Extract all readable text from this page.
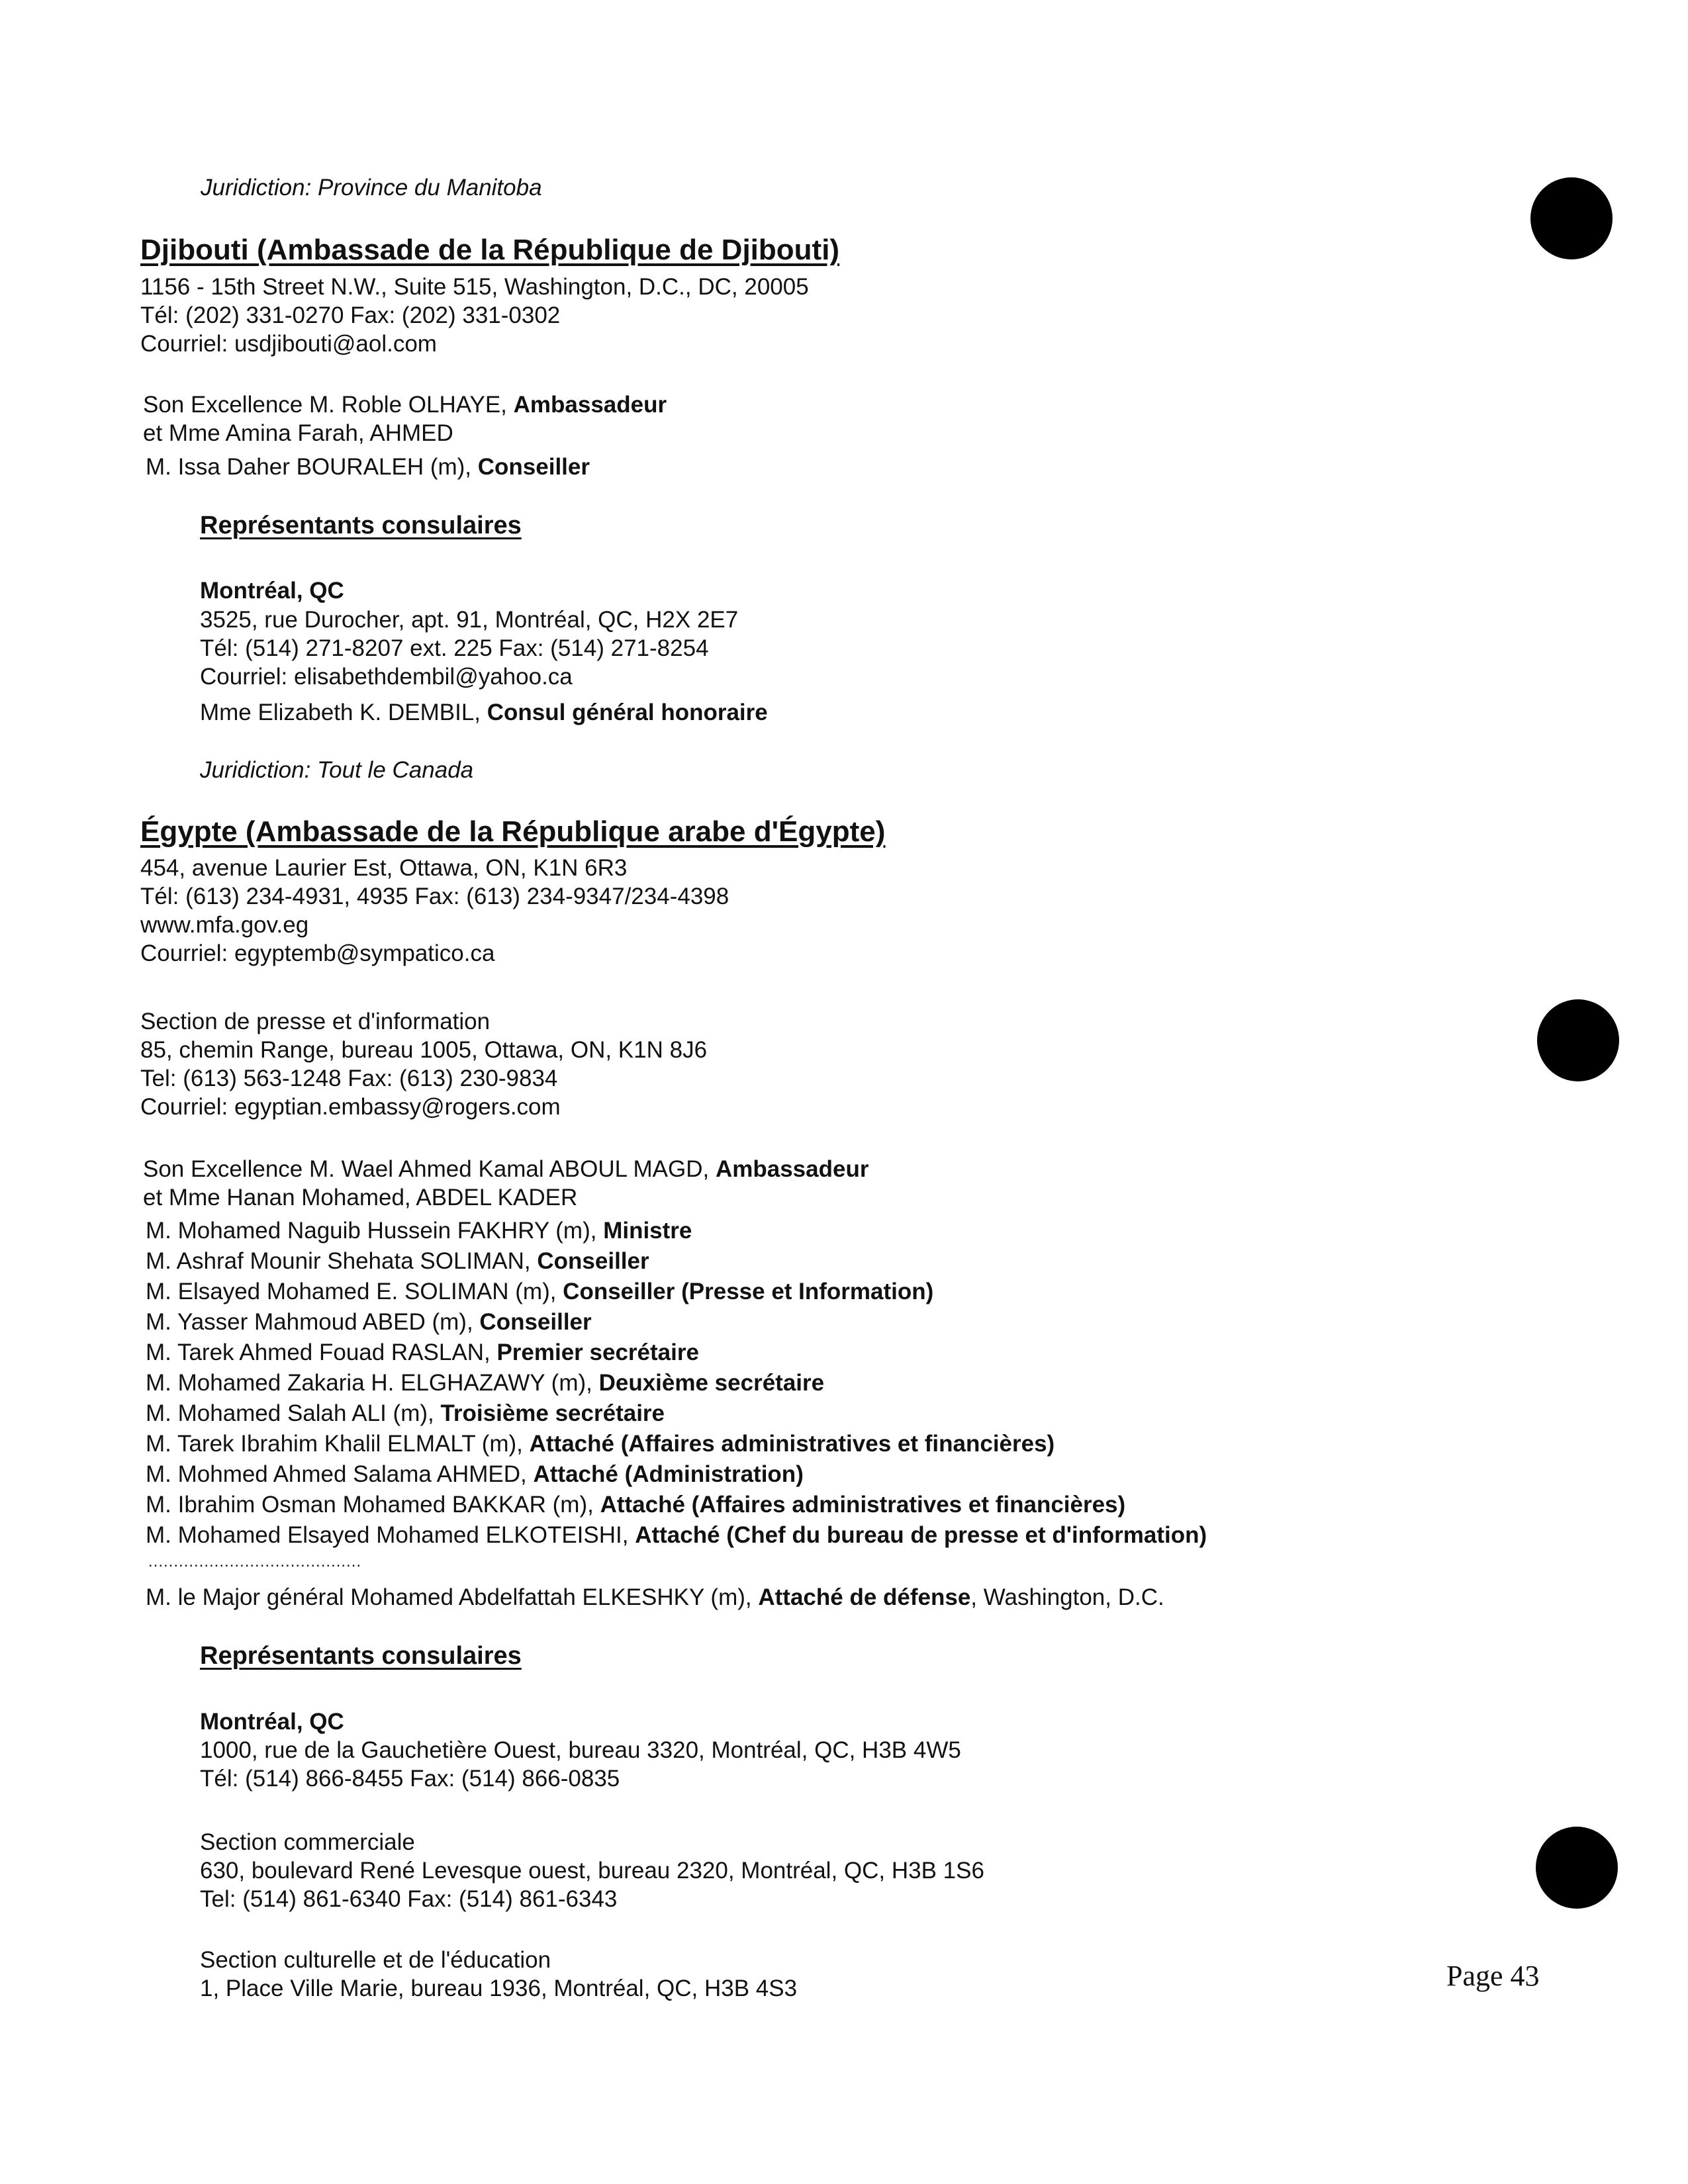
Juridiction: Province du Manitoba
Djibouti (Ambassade de la République de Djibouti)
1156 - 15th Street N.W., Suite 515, Washington, D.C., DC, 20005
Tél: (202) 331-0270 Fax: (202) 331-0302
Courriel: usdjibouti@aol.com
Son Excellence M. Roble OLHAYE, Ambassadeur
et Mme Amina Farah, AHMED
M. Issa Daher BOURALEH (m), Conseiller
Représentants consulaires
Montréal, QC
3525, rue Durocher, apt. 91, Montréal, QC, H2X 2E7
Tél: (514) 271-8207 ext. 225 Fax: (514) 271-8254
Courriel: elisabethdembil@yahoo.ca
Mme Elizabeth K. DEMBIL, Consul général honoraire
Juridiction: Tout le Canada
Égypte (Ambassade de la République arabe d'Égypte)
454, avenue Laurier Est, Ottawa, ON, K1N 6R3
Tél: (613) 234-4931, 4935 Fax: (613) 234-9347/234-4398
www.mfa.gov.eg
Courriel: egyptemb@sympatico.ca
Section de presse et d'information
85, chemin Range, bureau 1005, Ottawa, ON, K1N 8J6
Tel: (613) 563-1248 Fax: (613) 230-9834
Courriel: egyptian.embassy@rogers.com
Son Excellence M. Wael Ahmed Kamal ABOUL MAGD, Ambassadeur
et Mme Hanan Mohamed, ABDEL KADER
M. Mohamed Naguib Hussein FAKHRY (m), Ministre
M. Ashraf Mounir Shehata SOLIMAN, Conseiller
M. Elsayed Mohamed E. SOLIMAN (m), Conseiller (Presse et Information)
M. Yasser Mahmoud ABED (m), Conseiller
M. Tarek Ahmed Fouad RASLAN, Premier secrétaire
M. Mohamed Zakaria H. ELGHAZAWY (m), Deuxième secrétaire
M. Mohamed Salah ALI (m), Troisième secrétaire
M. Tarek Ibrahim Khalil ELMALT (m), Attaché (Affaires administratives et financières)
M. Mohmed Ahmed Salama AHMED, Attaché (Administration)
M. Ibrahim Osman Mohamed BAKKAR (m), Attaché (Affaires administratives et financières)
M. Mohamed Elsayed Mohamed ELKOTEISHI, Attaché (Chef du bureau de presse et d'information)
..........................................
M. le Major général Mohamed Abdelfattah ELKESHKY (m), Attaché de défense, Washington, D.C.
Représentants consulaires
Montréal, QC
1000, rue de la Gauchetière Ouest, bureau 3320, Montréal, QC, H3B 4W5
Tél: (514) 866-8455 Fax: (514) 866-0835
Section commerciale
630, boulevard René Levesque ouest, bureau 2320, Montréal, QC, H3B 1S6
Tel: (514) 861-6340 Fax: (514) 861-6343
Section culturelle et de l'éducation
1, Place Ville Marie, bureau 1936, Montréal, QC, H3B 4S3	Page 43
